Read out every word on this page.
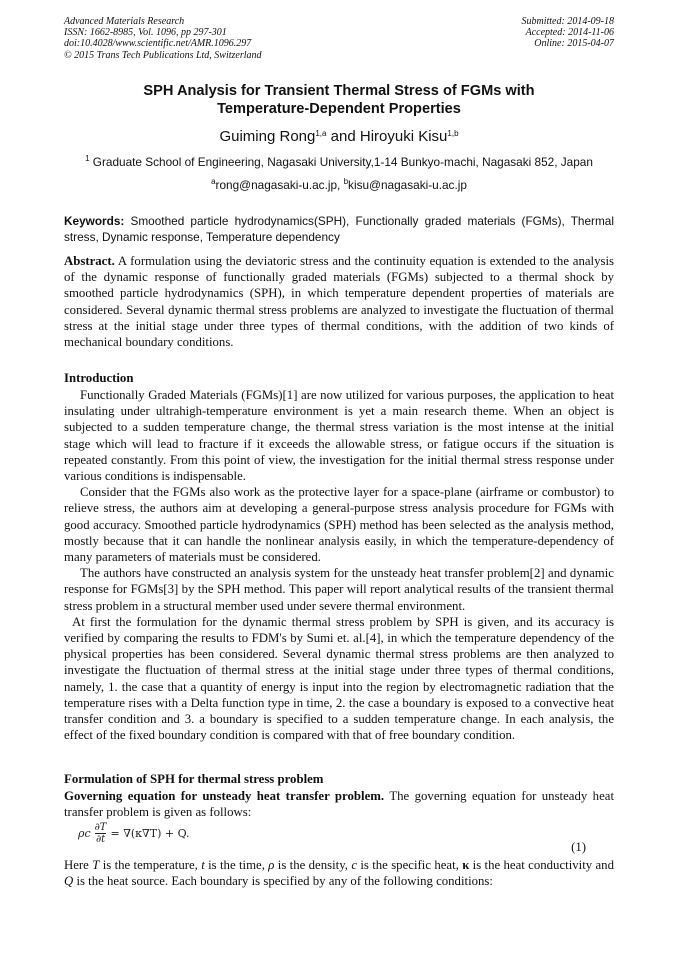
Advanced Materials Research
ISSN: 1662-8985, Vol. 1096, pp 297-301
doi:10.4028/www.scientific.net/AMR.1096.297
© 2015 Trans Tech Publications Ltd, Switzerland
Submitted: 2014-09-18
Accepted: 2014-11-06
Online: 2015-04-07
SPH Analysis for Transient Thermal Stress of FGMs with
Temperature-Dependent Properties
Guiming Rong$^{1,a}$ and Hiroyuki Kisu$^{1,b}$
$^1$ Graduate School of Engineering, Nagasaki University,1-14 Bunkyo-machi, Nagasaki 852, Japan
$^a$rong@nagasaki-u.ac.jp, $^b$kisu@nagasaki-u.ac.jp
Keywords: Smoothed particle hydrodynamics(SPH), Functionally graded materials (FGMs), Thermal stress, Dynamic response, Temperature dependency
Abstract. A formulation using the deviatoric stress and the continuity equation is extended to the analysis of the dynamic response of functionally graded materials (FGMs) subjected to a thermal shock by smoothed particle hydrodynamics (SPH), in which temperature dependent properties of materials are considered. Several dynamic thermal stress problems are analyzed to investigate the fluctuation of thermal stress at the initial stage under three types of thermal conditions, with the addition of two kinds of mechanical boundary conditions.
Introduction

Functionally Graded Materials (FGMs)[1] are now utilized for various purposes, the application to heat insulating under ultrahigh-temperature environment is yet a main research theme. When an object is subjected to a sudden temperature change, the thermal stress variation is the most intense at the initial stage which will lead to fracture if it exceeds the allowable stress, or fatigue occurs if the situation is repeated constantly. From this point of view, the investigation for the initial thermal stress response under various conditions is indispensable.

Consider that the FGMs also work as the protective layer for a space-plane (airframe or combustor) to relieve stress, the authors aim at developing a general-purpose stress analysis procedure for FGMs with good accuracy. Smoothed particle hydrodynamics (SPH) method has been selected as the analysis method, mostly because that it can handle the nonlinear analysis easily, in which the temperature-dependency of many parameters of materials must be considered.

The authors have constructed an analysis system for the unsteady heat transfer problem[2] and dynamic response for FGMs[3] by the SPH method. This paper will report analytical results of the transient thermal stress problem in a structural member used under severe thermal environment.

At first the formulation for the dynamic thermal stress problem by SPH is given, and its accuracy is verified by comparing the results to FDM's by Sumi et. al.[4], in which the temperature dependency of the physical properties has been considered. Several dynamic thermal stress problems are then analyzed to investigate the fluctuation of thermal stress at the initial stage under three types of thermal conditions, namely, 1. the case that a quantity of energy is input into the region by electromagnetic radiation that the temperature rises with a Delta function type in time, 2. the case a boundary is exposed to a convective heat transfer condition and 3. a boundary is specified to a sudden temperature change. In each analysis, the effect of the fixed boundary condition is compared with that of free boundary condition.

Formulation of SPH for thermal stress problem
Governing equation for unsteady heat transfer problem. The governing equation for unsteady heat transfer problem is given as follows:
ρc $\frac{\partial T}{\partial t} = \nabla(\kappa\nabla T) + Q$.
(1)
Here T is the temperature, t is the time, ρ is the density, c is the specific heat, κ is the heat conductivity and Q is the heat source. Each boundary is specified by any of the following conditions:
